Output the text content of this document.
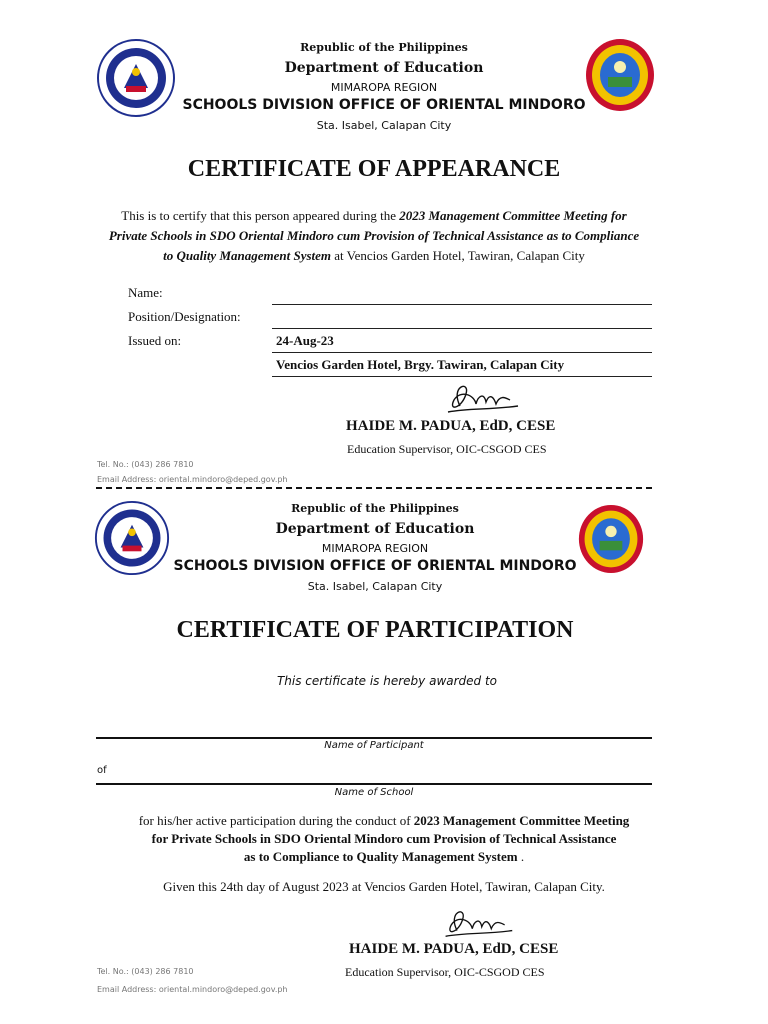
Republic of the Philippines
Department of Education
MIMAROPA REGION
SCHOOLS DIVISION OFFICE OF ORIENTAL MINDORO
Sta. Isabel, Calapan City
CERTIFICATE OF APPEARANCE
This is to certify that this person appeared during the 2023 Management Committee Meeting for
Private Schools in SDO Oriental Mindoro cum Provision of Technical Assistance as to Compliance
to Quality Management System at Vencios Garden Hotel, Tawiran, Calapan City
Name:
Position/Designation:
Issued on:	24-Aug-23
Vencios Garden Hotel, Brgy. Tawiran, Calapan City
HAIDE M. PADUA, EdD, CESE
Education Supervisor, OIC-CSGOD CES
Tel. No.: (043) 286 7810
Email Address: oriental.mindoro@deped.gov.ph
Republic of the Philippines
Department of Education
MIMAROPA REGION
SCHOOLS DIVISION OFFICE OF ORIENTAL MINDORO
Sta. Isabel, Calapan City
CERTIFICATE OF PARTICIPATION
This certificate is hereby awarded to
Name of Participant
of
Name of School
for his/her active participation during the conduct of 2023 Management Committee Meeting
for Private Schools in SDO Oriental Mindoro cum Provision of Technical Assistance
as to Compliance to Quality Management System .
Given this 24th day of August 2023 at Vencios Garden Hotel, Tawiran, Calapan City.
HAIDE M. PADUA, EdD, CESE
Education Supervisor, OIC-CSGOD CES
Tel. No.: (043) 286 7810
Email Address: oriental.mindoro@deped.gov.ph
